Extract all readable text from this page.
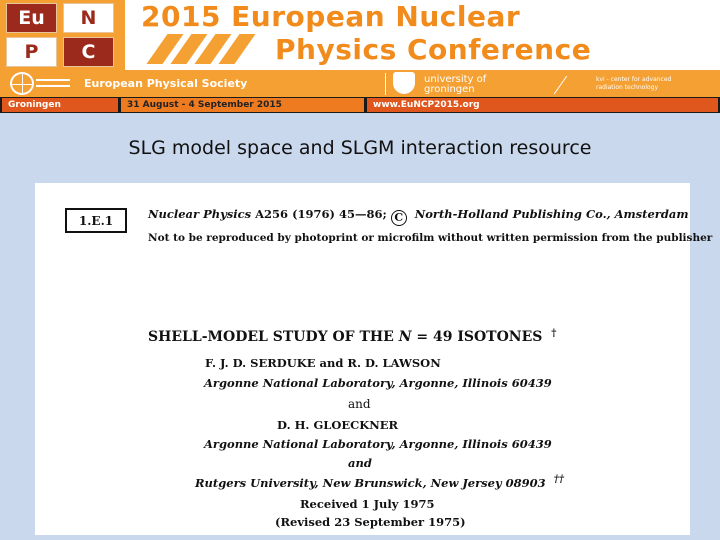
Eu	N
P	C
2015 European Nuclear
Physics Conference
European Physical Society	university of
groningen
kvi - center for advanced
radiation technology
Groningen	31 August - 4 September 2015	www.EuNCP2015.org
SLG model space and SLGM interaction resource
1.E.1	Nuclear Physics A256 (1976) 45—86; C North-Holland Publishing Co., Amsterdam
Not to be reproduced by photoprint or microfilm without written permission from the publisher
SHELL-MODEL STUDY OF THE N = 49 ISOTONES †
F. J. D. SERDUKE and R. D. LAWSON
Argonne National Laboratory, Argonne, Illinois 60439
and
D. H. GLOECKNER
Argonne National Laboratory, Argonne, Illinois 60439
and
Rutgers University, New Brunswick, New Jersey 08903 ††
Received 1 July 1975
(Revised 23 September 1975)
